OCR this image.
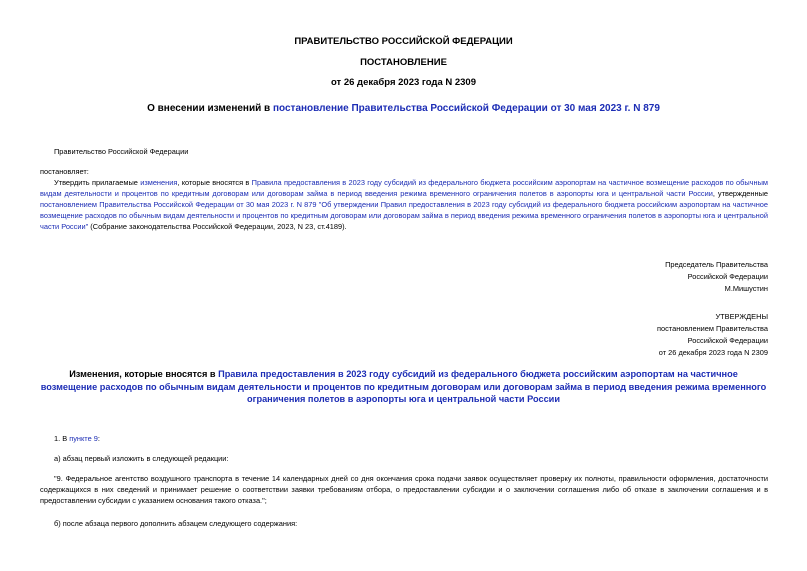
ПРАВИТЕЛЬСТВО РОССИЙСКОЙ ФЕДЕРАЦИИ
ПОСТАНОВЛЕНИЕ
от 26 декабря 2023 года N 2309
О внесении изменений в постановление Правительства Российской Федерации от 30 мая 2023 г. N 879
Правительство Российской Федерации
постановляет:
Утвердить прилагаемые изменения, которые вносятся в Правила предоставления в 2023 году субсидий из федерального бюджета российским аэропортам на частичное возмещение расходов по обычным видам деятельности и процентов по кредитным договорам или договорам займа в период введения режима временного ограничения полетов в аэропорты юга и центральной части России, утвержденные постановлением Правительства Российской Федерации от 30 мая 2023 г. N 879 "Об утверждении Правил предоставления в 2023 году субсидий из федерального бюджета российским аэропортам на частичное возмещение расходов по обычным видам деятельности и процентов по кредитным договорам или договорам займа в период введения режима временного ограничения полетов в аэропорты юга и центральной части России" (Собрание законодательства Российской Федерации, 2023, N 23, ст.4189).
Председатель Правительства
Российской Федерации
М.Мишустин
УТВЕРЖДЕНЫ
постановлением Правительства
Российской Федерации
от 26 декабря 2023 года N 2309
Изменения, которые вносятся в Правила предоставления в 2023 году субсидий из федерального бюджета российским аэропортам на частичное возмещение расходов по обычным видам деятельности и процентов по кредитным договорам или договорам займа в период введения режима временного ограничения полетов в аэропорты юга и центральной части России
1. В пункте 9:
а) абзац первый изложить в следующей редакции:
"9. Федеральное агентство воздушного транспорта в течение 14 календарных дней со дня окончания срока подачи заявок осуществляет проверку их полноты, правильности оформления, достаточности содержащихся в них сведений и принимает решение о соответствии заявки требованиям отбора, о предоставлении субсидии и о заключении соглашения либо об отказе в заключении соглашения и в предоставлении субсидии с указанием основания такого отказа.";
б) после абзаца первого дополнить абзацем следующего содержания:
